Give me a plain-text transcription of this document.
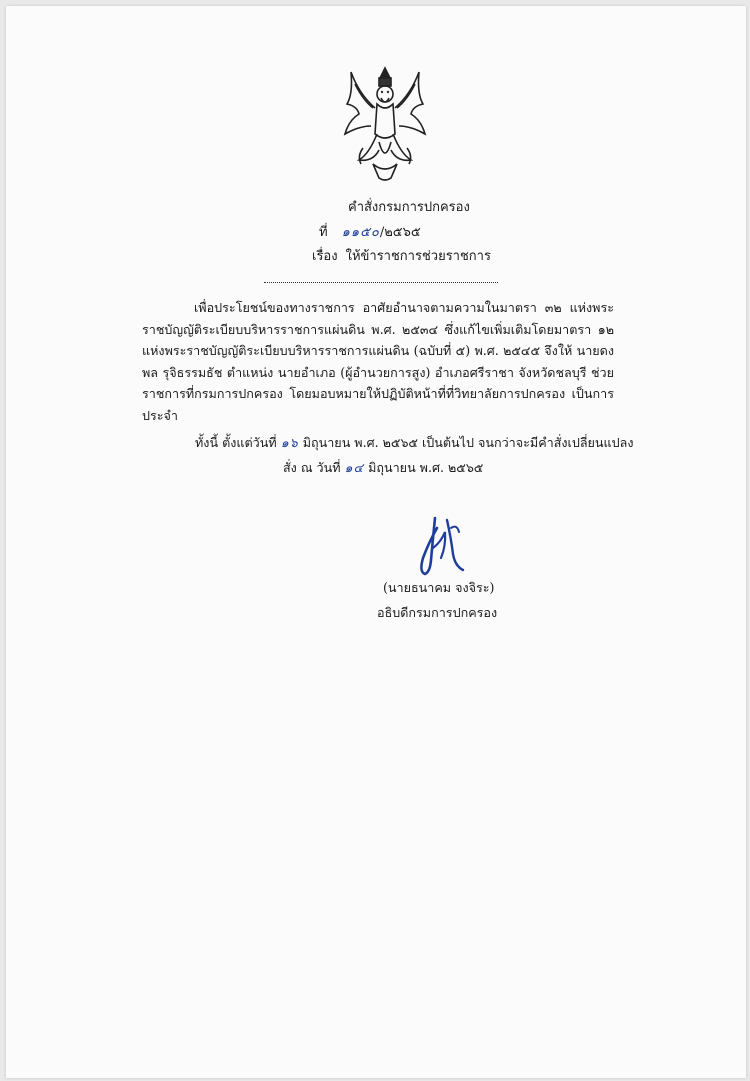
คำสั่งกรมการปกครอง
ที่ ๑๑๕๐/๒๕๖๕
เรื่อง ให้ข้าราชการช่วยราชการ

เพื่อประโยชน์ของทางราชการ อาศัยอำนาจตามความในมาตรา ๓๒ แห่งพระราชบัญญัติระเบียบบริหารราชการแผ่นดิน พ.ศ. ๒๕๓๔ ซึ่งแก้ไขเพิ่มเติมโดยมาตรา ๑๒ แห่งพระราชบัญญัติระเบียบบริหารราชการแผ่นดิน (ฉบับที่ ๕) พ.ศ. ๒๕๔๕ จึงให้ นายดงพล รุจิธรรมธัช ตำแหน่ง นายอำเภอ (ผู้อำนวยการสูง) อำเภอศรีราชา จังหวัดชลบุรี ช่วยราชการที่กรมการปกครอง โดยมอบหมายให้ปฏิบัติหน้าที่ที่วิทยาลัยการปกครอง เป็นการประจำ

ทั้งนี้ ตั้งแต่วันที่ ๑๖ มิถุนายน พ.ศ. ๒๕๖๕ เป็นต้นไป จนกว่าจะมีคำสั่งเปลี่ยนแปลง
สั่ง ณ วันที่ ๑๔ มิถุนายน พ.ศ. ๒๕๖๕
(นายธนาคม จงจิระ)
อธิบดีกรมการปกครอง
